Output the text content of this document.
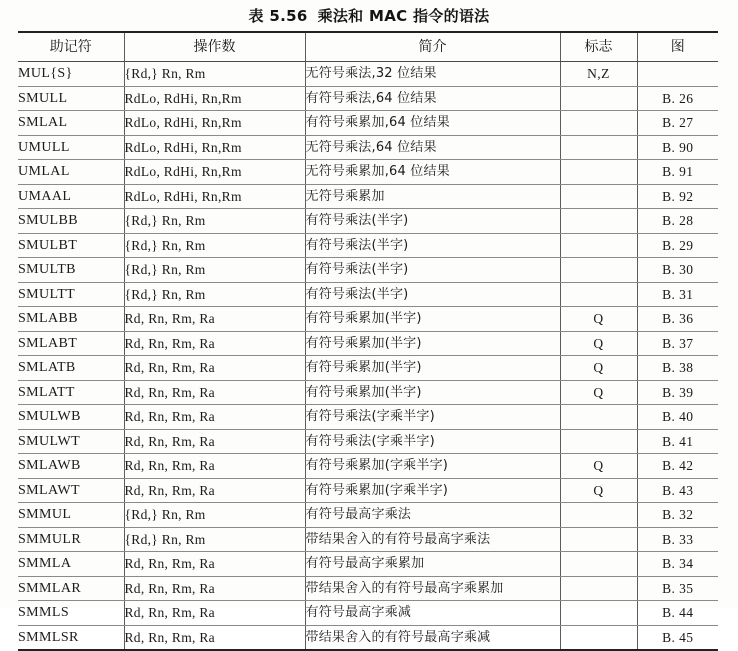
表 5.56 乘法和 MAC 指令的语法
助记符	操作数	简介	标志	图
MUL{S}	{Rd,} Rn, Rm	无符号乘法,32 位结果	N,Z	
SMULL	RdLo, RdHi, Rn,Rm	有符号乘法,64 位结果		B. 26
SMLAL	RdLo, RdHi, Rn,Rm	有符号乘累加,64 位结果		B. 27
UMULL	RdLo, RdHi, Rn,Rm	无符号乘法,64 位结果		B. 90
UMLAL	RdLo, RdHi, Rn,Rm	无符号乘累加,64 位结果		B. 91
UMAAL	RdLo, RdHi, Rn,Rm	无符号乘累加		B. 92
SMULBB	{Rd,} Rn, Rm	有符号乘法(半字)		B. 28
SMULBT	{Rd,} Rn, Rm	有符号乘法(半字)		B. 29
SMULTB	{Rd,} Rn, Rm	有符号乘法(半字)		B. 30
SMULTT	{Rd,} Rn, Rm	有符号乘法(半字)		B. 31
SMLABB	Rd, Rn, Rm, Ra	有符号乘累加(半字)	Q	B. 36
SMLABT	Rd, Rn, Rm, Ra	有符号乘累加(半字)	Q	B. 37
SMLATB	Rd, Rn, Rm, Ra	有符号乘累加(半字)	Q	B. 38
SMLATT	Rd, Rn, Rm, Ra	有符号乘累加(半字)	Q	B. 39
SMULWB	Rd, Rn, Rm, Ra	有符号乘法(字乘半字)		B. 40
SMULWT	Rd, Rn, Rm, Ra	有符号乘法(字乘半字)		B. 41
SMLAWB	Rd, Rn, Rm, Ra	有符号乘累加(字乘半字)	Q	B. 42
SMLAWT	Rd, Rn, Rm, Ra	有符号乘累加(字乘半字)	Q	B. 43
SMMUL	{Rd,} Rn, Rm	有符号最高字乘法		B. 32
SMMULR	{Rd,} Rn, Rm	带结果舍入的有符号最高字乘法		B. 33
SMMLA	Rd, Rn, Rm, Ra	有符号最高字乘累加		B. 34
SMMLAR	Rd, Rn, Rm, Ra	带结果舍入的有符号最高字乘累加		B. 35
SMMLS	Rd, Rn, Rm, Ra	有符号最高字乘减		B. 44
SMMLSR	Rd, Rn, Rm, Ra	带结果舍入的有符号最高字乘减		B. 45
